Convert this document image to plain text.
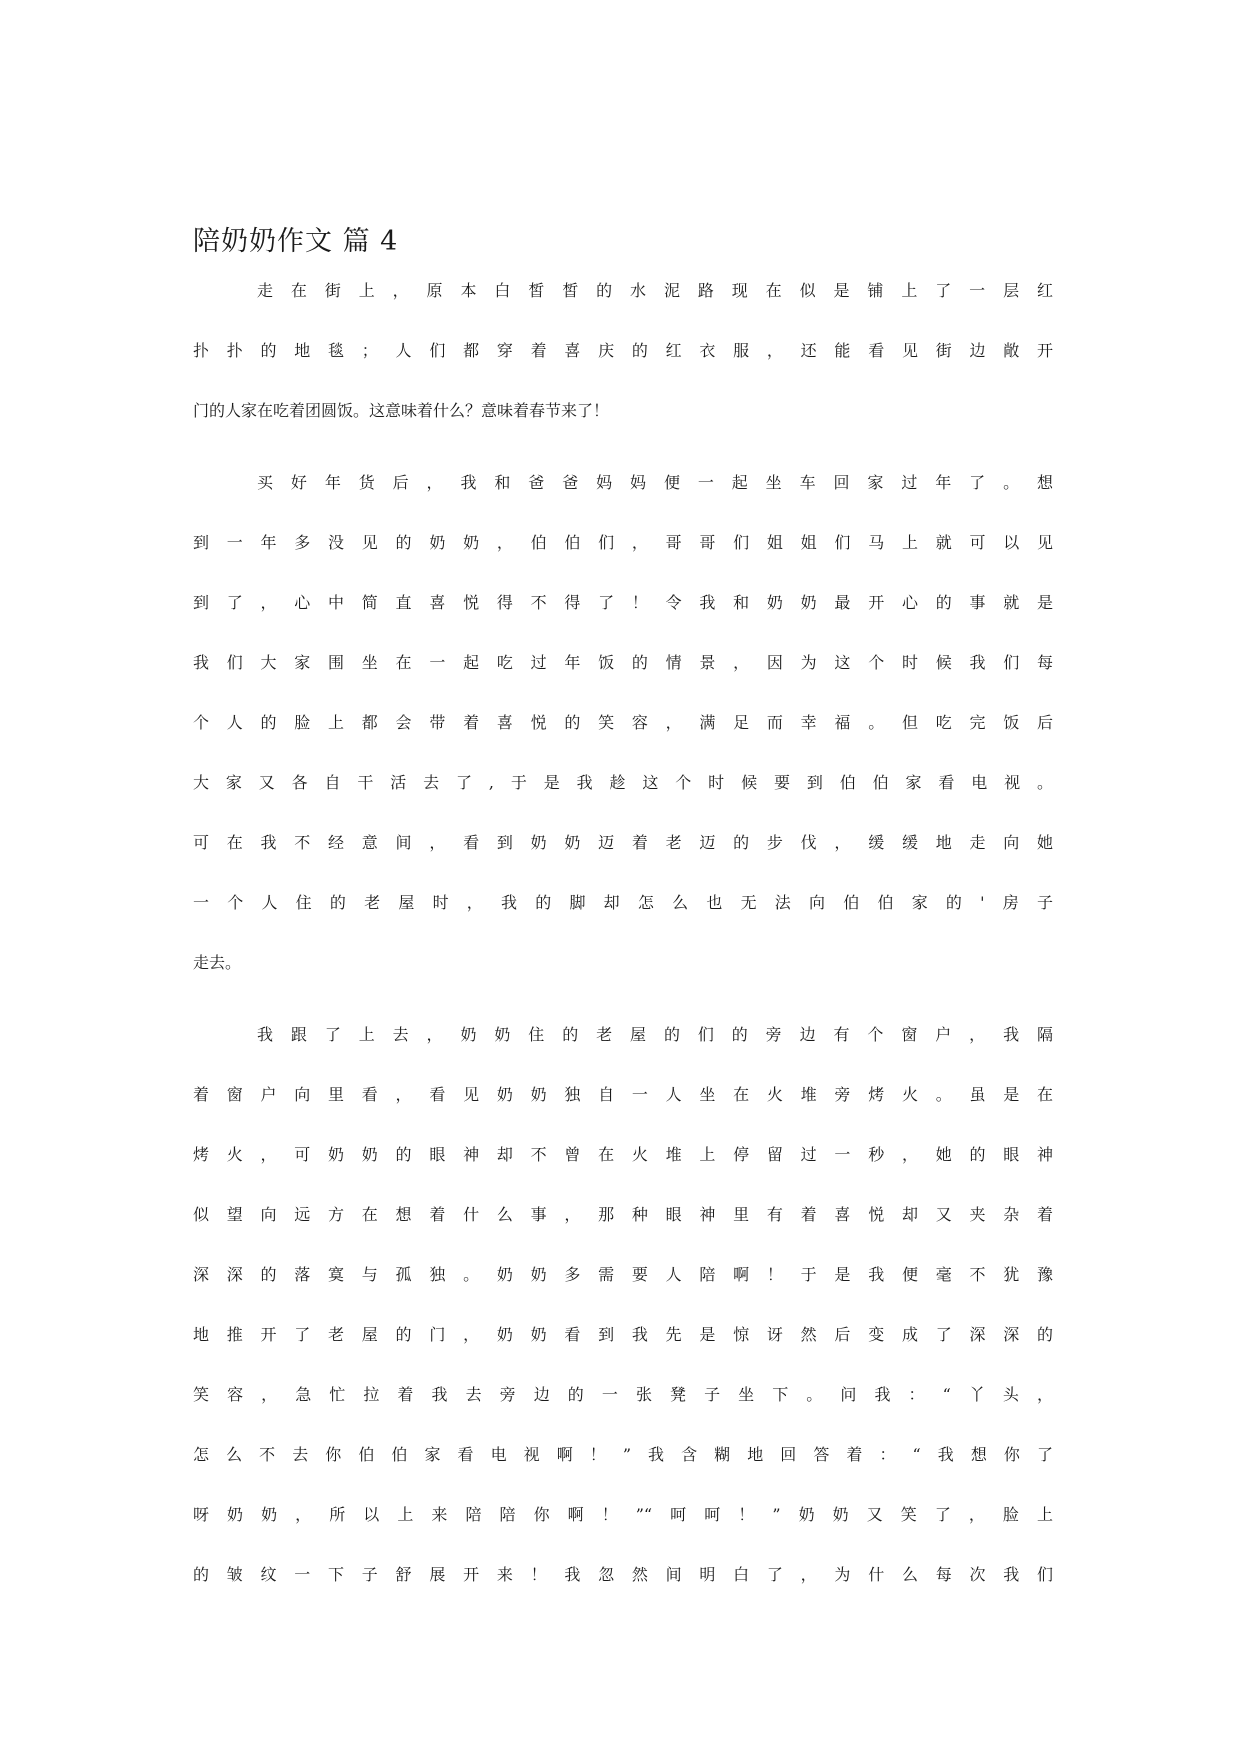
陪奶奶作文 篇 4
走在街上，原本白皙皙的水泥路现在似是铺上了一层红
扑扑的地毯；人们都穿着喜庆的红衣服，还能看见街边敞开
门的人家在吃着团圆饭。这意味着什么？意味着春节来了！
买好年货后，我和爸爸妈妈便一起坐车回家过年了。想
到一年多没见的奶奶，伯伯们，哥哥们姐姐们马上就可以见
到了，心中简直喜悦得不得了！令我和奶奶最开心的事就是
我们大家围坐在一起吃过年饭的情景，因为这个时候我们每
个人的脸上都会带着喜悦的笑容，满足而幸福。但吃完饭后
大家又各自干活去了,于是我趁这个时候要到伯伯家看电视。
可在我不经意间，看到奶奶迈着老迈的步伐，缓缓地走向她
一个人住的老屋时，我的脚却怎么也无法向伯伯家的'房子
走去。
我跟了上去，奶奶住的老屋的们的旁边有个窗户，我隔
着窗户向里看，看见奶奶独自一人坐在火堆旁烤火。虽是在
烤火，可奶奶的眼神却不曾在火堆上停留过一秒，她的眼神
似望向远方在想着什么事，那种眼神里有着喜悦却又夹杂着
深深的落寞与孤独。奶奶多需要人陪啊！于是我便毫不犹豫
地推开了老屋的门，奶奶看到我先是惊讶然后变成了深深的
笑容，急忙拉着我去旁边的一张凳子坐下。问我：“丫头，
怎么不去你伯伯家看电视啊！”我含糊地回答着：“我想你了
呀奶奶，所以上来陪陪你啊！”“呵呵！”奶奶又笑了，脸上
的皱纹一下子舒展开来！我忽然间明白了，为什么每次我们
